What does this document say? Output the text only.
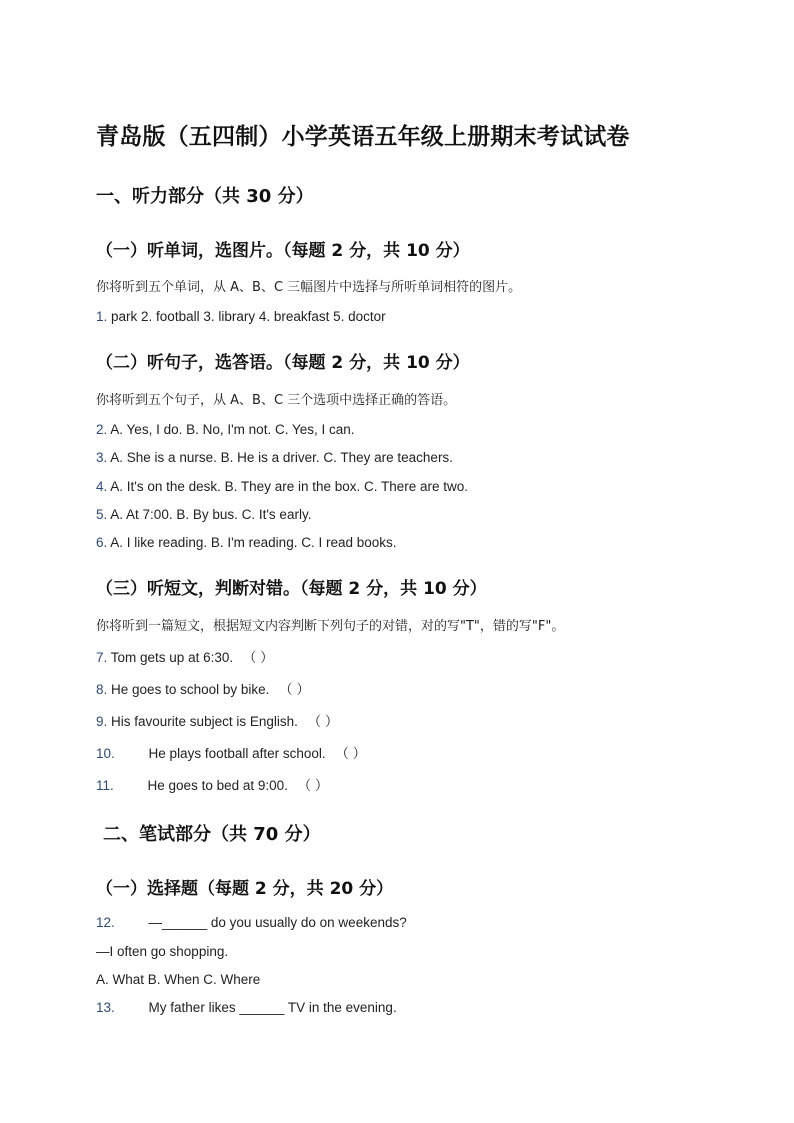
青岛版（五四制）小学英语五年级上册期末考试试卷
一、听力部分（共 30 分）
（一）听单词，选图片。（每题 2 分，共 10 分）
你将听到五个单词，从 A、B、C 三幅图片中选择与所听单词相符的图片。
1. park 2. football 3. library 4. breakfast 5. doctor
（二）听句子，选答语。（每题 2 分，共 10 分）
你将听到五个句子，从 A、B、C 三个选项中选择正确的答语。
2. A. Yes, I do. B. No, I'm not. C. Yes, I can.
3. A. She is a nurse. B. He is a driver. C. They are teachers.
4. A. It's on the desk. B. They are in the box. C. There are two.
5. A. At 7:00. B. By bus. C. It's early.
6. A. I like reading. B. I'm reading. C. I read books.
（三）听短文，判断对错。（每题 2 分，共 10 分）
你将听到一篇短文，根据短文内容判断下列句子的对错，对的写"T"，错的写"F"。
7. Tom gets up at 6:30. （ ）
8. He goes to school by bike. （ ）
9. His favourite subject is English. （ ）
10.	He plays football after school. （ ）
11.	He goes to bed at 9:00. （ ）
二、笔试部分（共 70 分）
（一）选择题（每题 2 分，共 20 分）
12.	—______ do you usually do on weekends?
—I often go shopping.
A. What B. When C. Where
13.	My father likes ______ TV in the evening.
